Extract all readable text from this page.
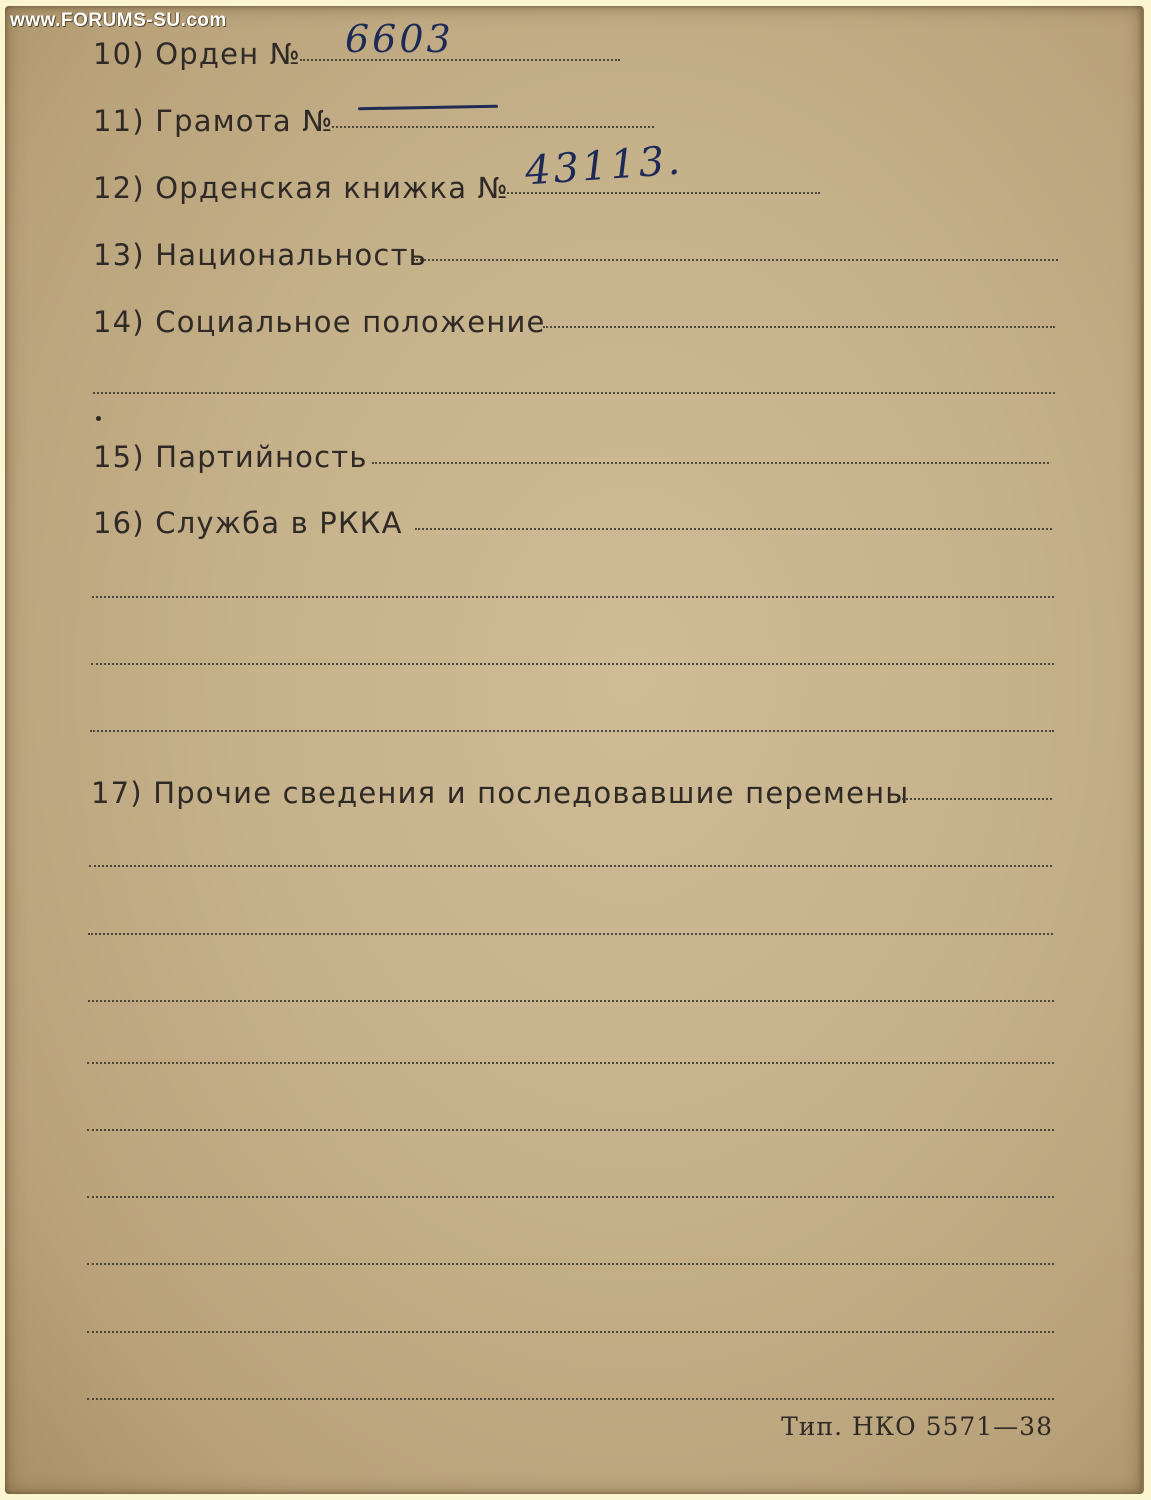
www.FORUMS-SU.com
10) Орден № 6603
11) Грамота №
12) Орденская книжка № 43113.
13) Национальность
14) Социальное положение
15) Партийность
16) Служба в РККА
17) Прочие сведения и последовавшие перемены
Тип. НКО 5571—38
